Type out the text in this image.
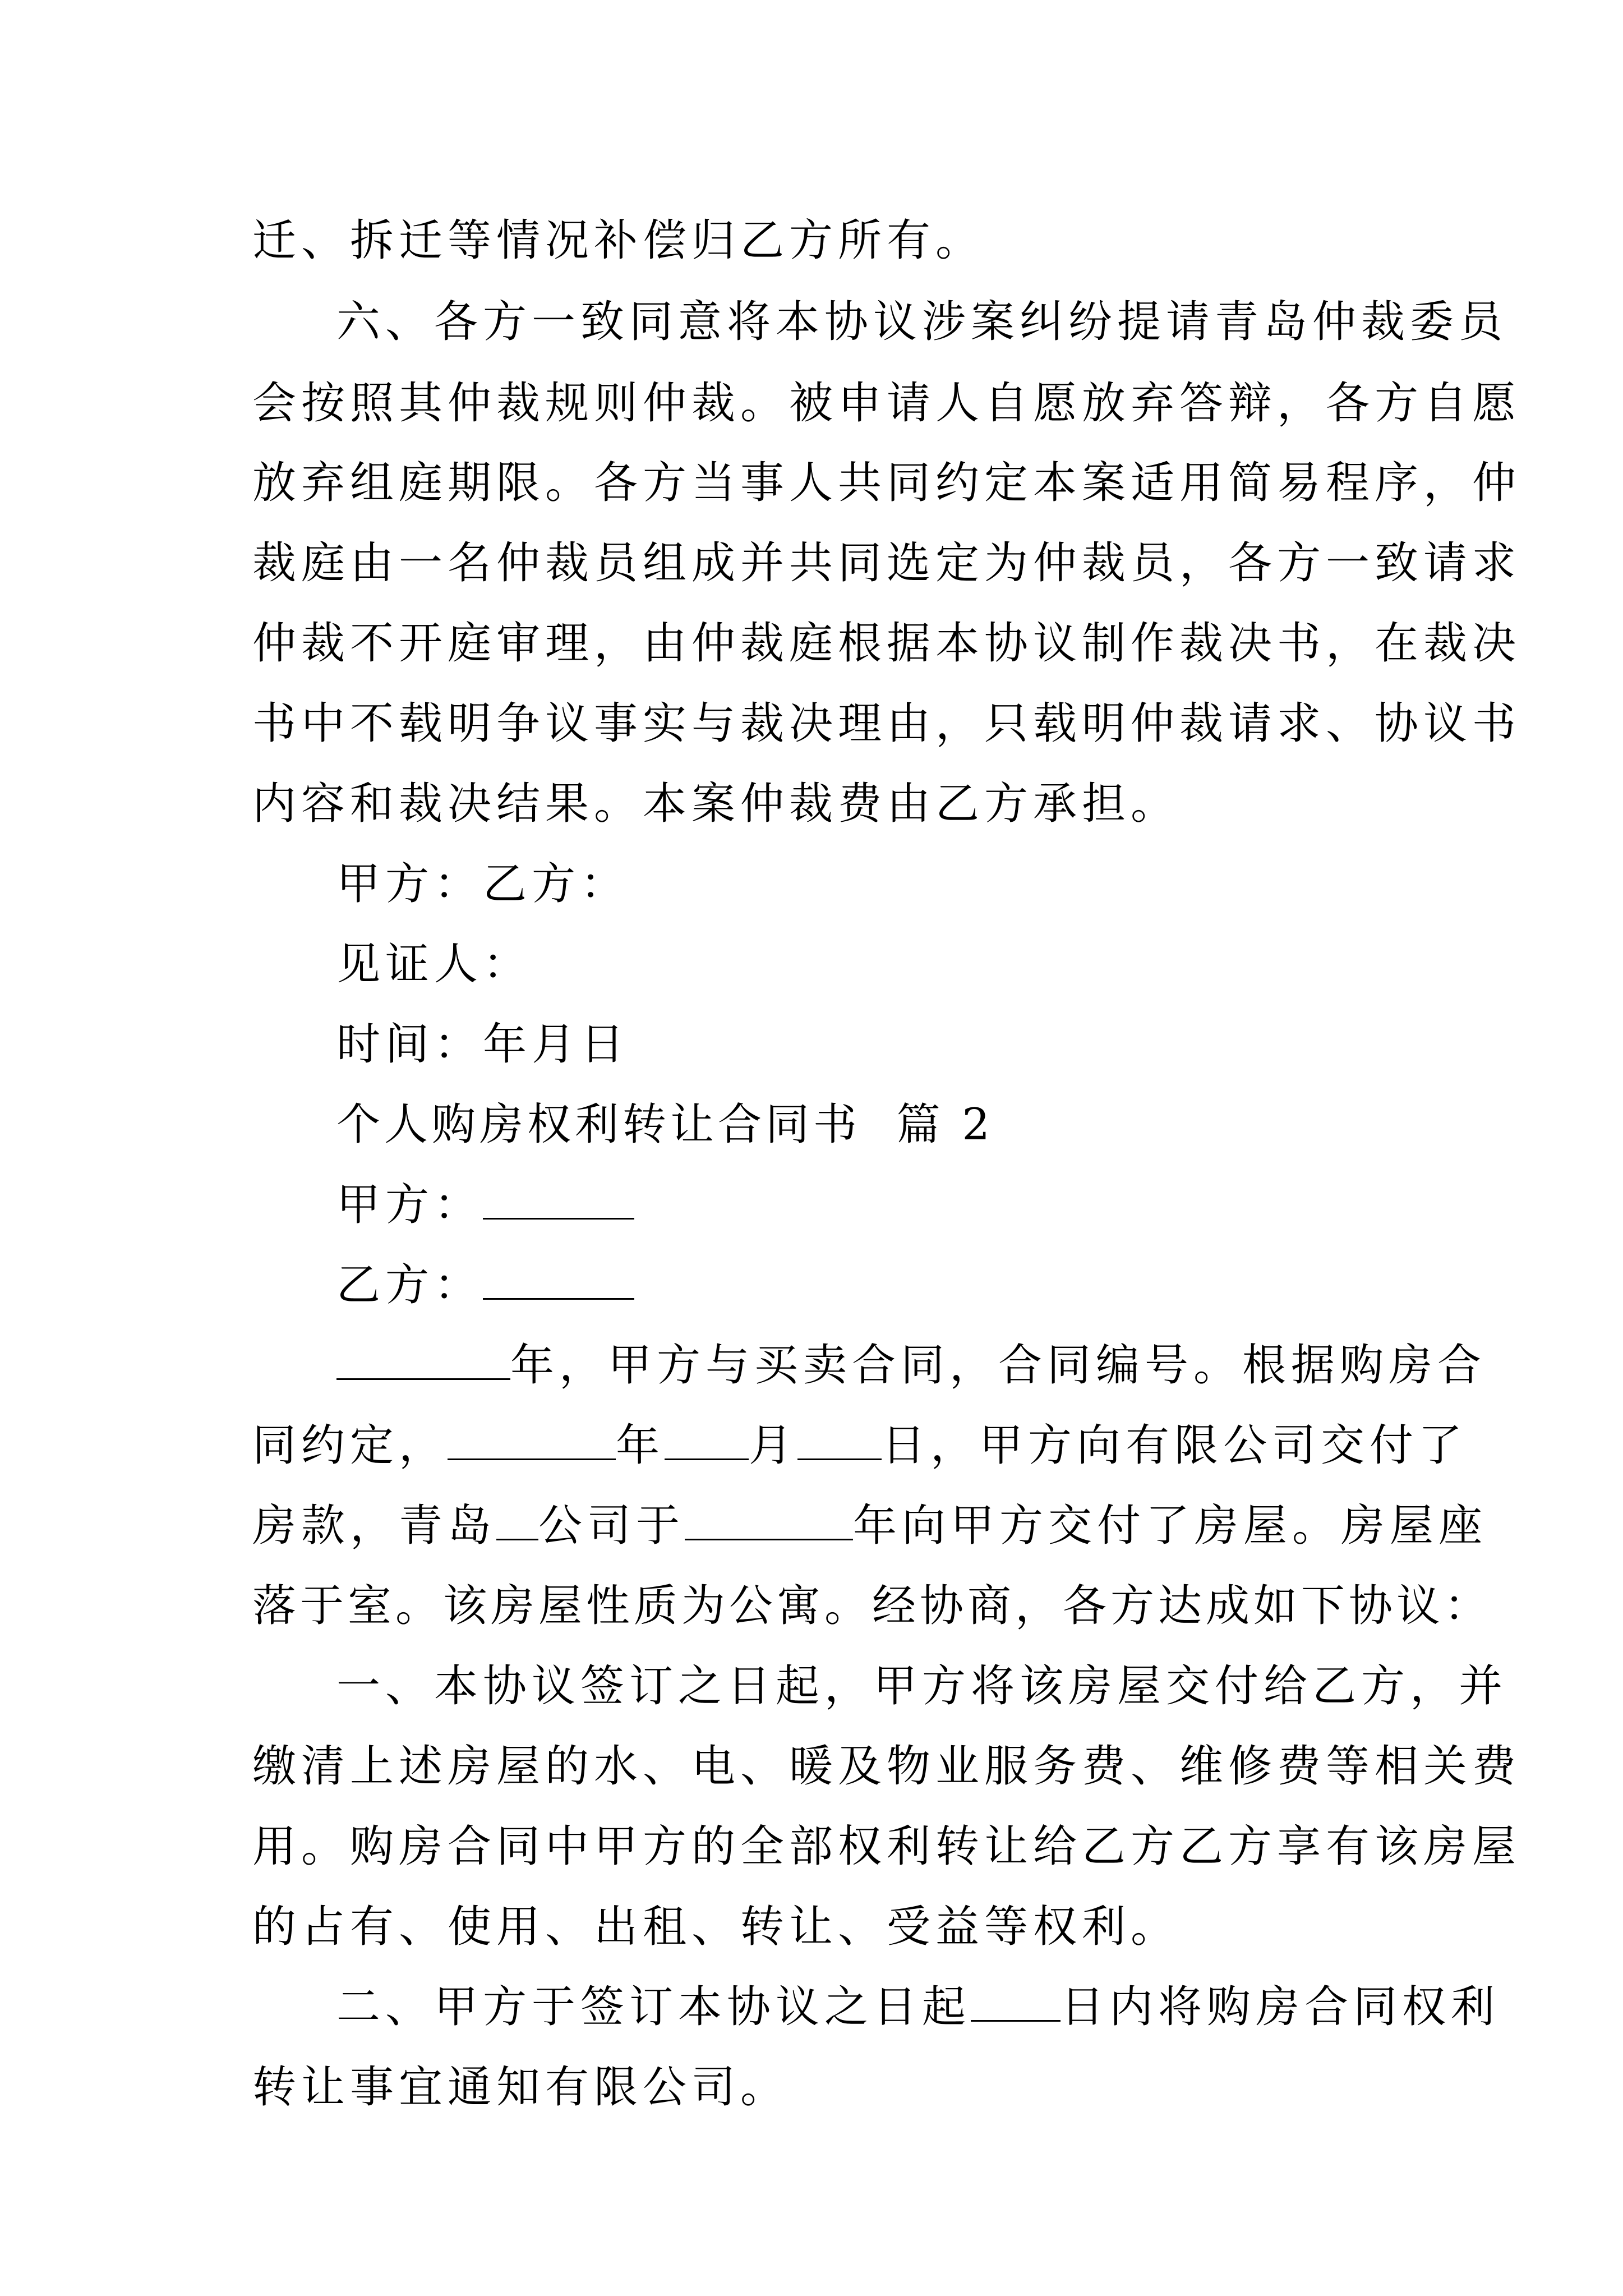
迁、拆迁等情况补偿归乙方所有。
六、各方一致同意将本协议涉案纠纷提请青岛仲裁委员
会按照其仲裁规则仲裁。被申请人自愿放弃答辩，各方自愿
放弃组庭期限。各方当事人共同约定本案适用简易程序，仲
裁庭由一名仲裁员组成并共同选定为仲裁员，各方一致请求
仲裁不开庭审理，由仲裁庭根据本协议制作裁决书，在裁决
书中不载明争议事实与裁决理由，只载明仲裁请求、协议书
内容和裁决结果。本案仲裁费由乙方承担。
甲方：乙方：
见证人：
时间：年月日
个人购房权利转让合同书  篇 2
甲方：
乙方：
年，甲方与买卖合同，合同编号。根据购房合
同约定，	年 月 日，甲方向有限公司交付了
房款，青岛 公司于	年向甲方交付了房屋。房屋座
落于室。该房屋性质为公寓。经协商，各方达成如下协议：
一、本协议签订之日起，甲方将该房屋交付给乙方，并
缴清上述房屋的水、电、暖及物业服务费、维修费等相关费
用。购房合同中甲方的全部权利转让给乙方乙方享有该房屋
的占有、使用、出租、转让、受益等权利。
二、甲方于签订本协议之日起 日内将购房合同权利
转让事宜通知有限公司。
